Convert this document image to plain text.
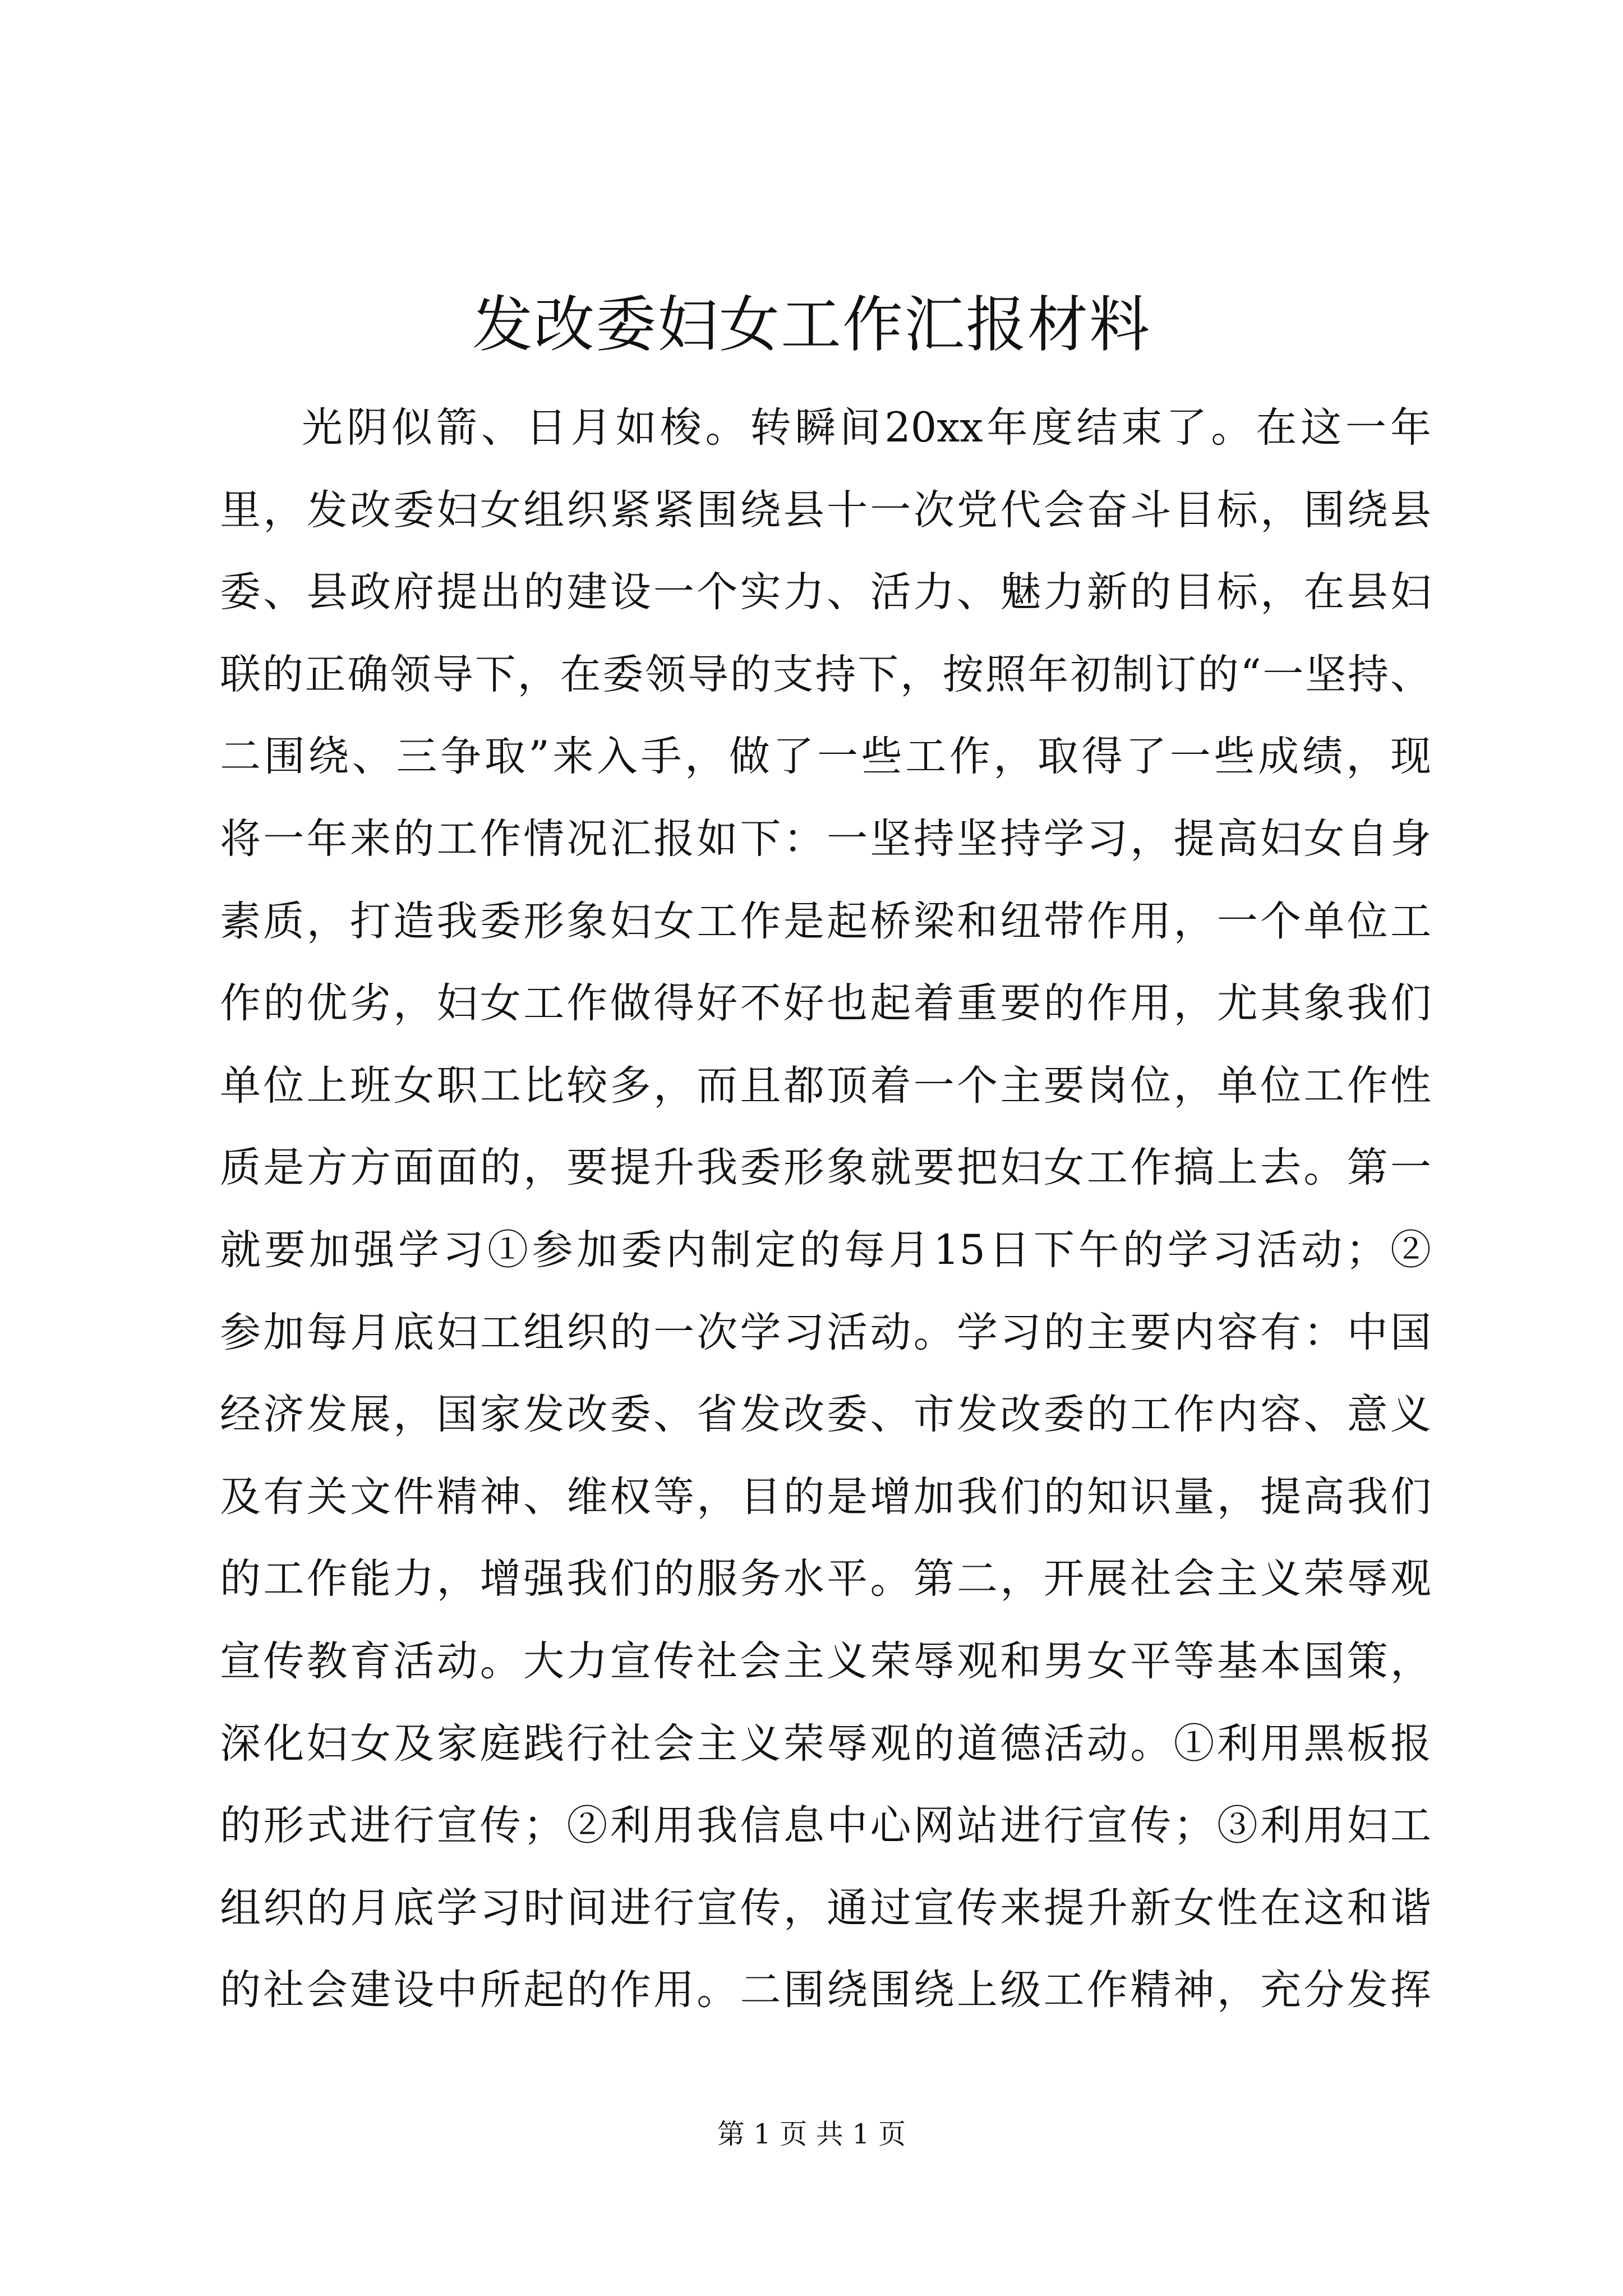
发改委妇女工作汇报材料
光阴似箭、日月如梭。转瞬间20xx年度结束了。在这一年
里，发改委妇女组织紧紧围绕县十一次党代会奋斗目标，围绕县
委、县政府提出的建设一个实力、活力、魅力新的目标，在县妇
联的正确领导下，在委领导的支持下，按照年初制订的“一坚持、
二围绕、三争取”来入手，做了一些工作，取得了一些成绩，现
将一年来的工作情况汇报如下：一坚持坚持学习，提高妇女自身
素质，打造我委形象妇女工作是起桥梁和纽带作用，一个单位工
作的优劣，妇女工作做得好不好也起着重要的作用，尤其象我们
单位上班女职工比较多，而且都顶着一个主要岗位，单位工作性
质是方方面面的，要提升我委形象就要把妇女工作搞上去。第一
就要加强学习①参加委内制定的每月15日下午的学习活动；②
参加每月底妇工组织的一次学习活动。学习的主要内容有：中国
经济发展，国家发改委、省发改委、市发改委的工作内容、意义
及有关文件精神、维权等，目的是增加我们的知识量，提高我们
的工作能力，增强我们的服务水平。第二，开展社会主义荣辱观
宣传教育活动。大力宣传社会主义荣辱观和男女平等基本国策，
深化妇女及家庭践行社会主义荣辱观的道德活动。①利用黑板报
的形式进行宣传；②利用我信息中心网站进行宣传；③利用妇工
组织的月底学习时间进行宣传，通过宣传来提升新女性在这和谐
的社会建设中所起的作用。二围绕围绕上级工作精神，充分发挥
第 1 页 共 1 页
